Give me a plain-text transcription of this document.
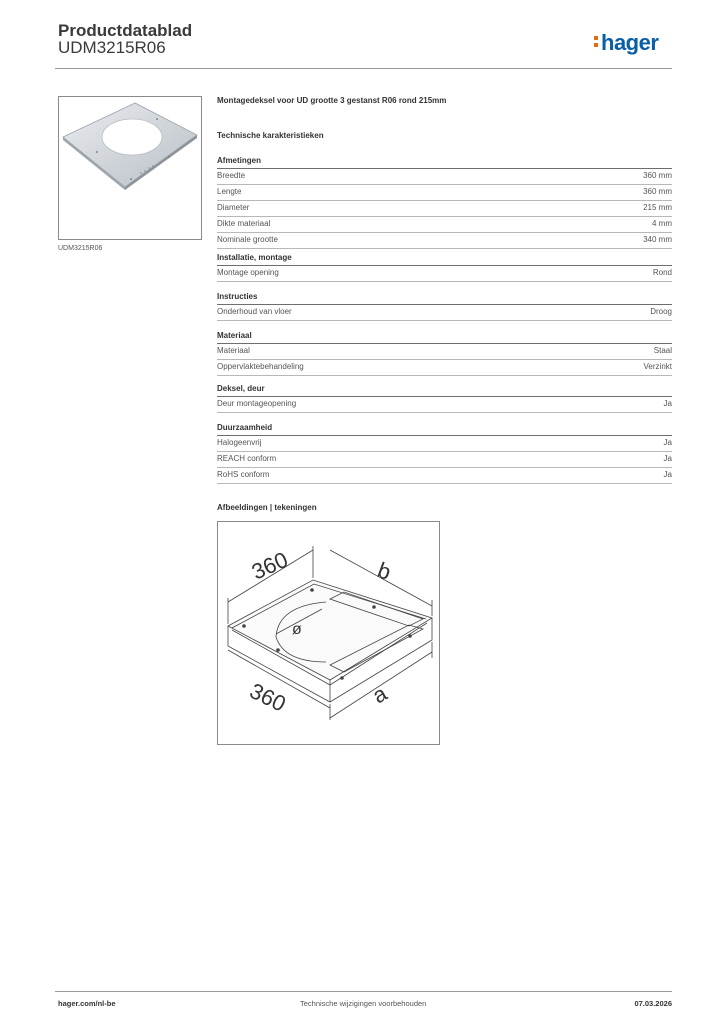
Productdatablad
UDM3215R06	hager
UDM3215R06
Montagedeksel voor UD grootte 3 gestanst R06 rond 215mm
Technische karakteristieken
Afmetingen
Breedte	360 mm
Lengte	360 mm
Diameter	215 mm
Dikte materiaal	4 mm
Nominale grootte	340 mm
Installatie, montage
Montage opening	Rond
Instructies
Onderhoud van vloer	Droog
Materiaal
Materiaal	Staal
Oppervlaktebehandeling	Verzinkt
Deksel, deur
Deur montageopening	Ja
Duurzaamheid
Halogeenvrij	Ja
REACH conform	Ja
RoHS conform	Ja
Afbeeldingen | tekeningen
360	b
360	a
ø
hager.com/nl-be	Technische wijzigingen voorbehouden	07.03.2026
